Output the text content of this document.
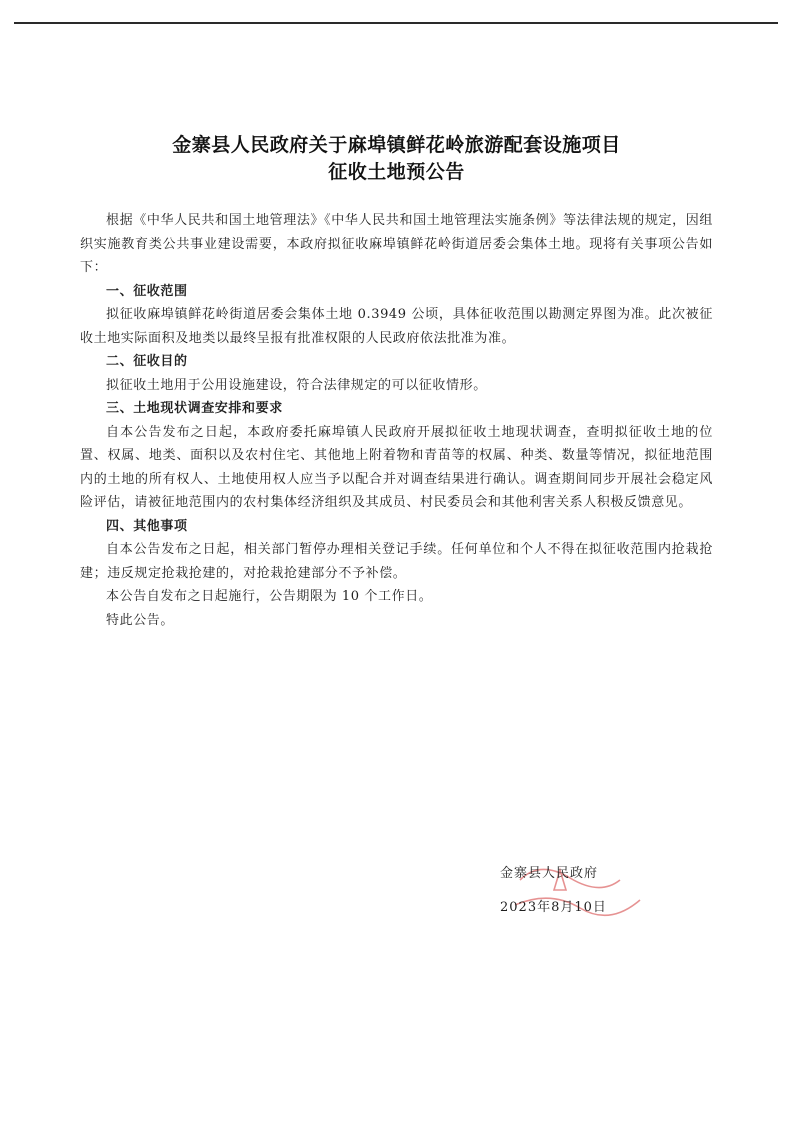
金寨县人民政府关于麻埠镇鲜花岭旅游配套设施项目
征收土地预公告

根据《中华人民共和国土地管理法》《中华人民共和国土地管理法实施条例》等法律法规的规定，因组织实施教育类公共事业建设需要，本政府拟征收麻埠镇鲜花岭街道居委会集体土地。现将有关事项公告如下：

一、征收范围

拟征收麻埠镇鲜花岭街道居委会集体土地 0.3949 公顷，具体征收范围以勘测定界图为准。此次被征收土地实际面积及地类以最终呈报有批准权限的人民政府依法批准为准。

二、征收目的

拟征收土地用于公用设施建设，符合法律规定的可以征收情形。

三、土地现状调查安排和要求

自本公告发布之日起，本政府委托麻埠镇人民政府开展拟征收土地现状调查，查明拟征收土地的位置、权属、地类、面积以及农村住宅、其他地上附着物和青苗等的权属、种类、数量等情况，拟征地范围内的土地的所有权人、土地使用权人应当予以配合并对调查结果进行确认。调查期间同步开展社会稳定风险评估，请被征地范围内的农村集体经济组织及其成员、村民委员会和其他利害关系人积极反馈意见。

四、其他事项

自本公告发布之日起，相关部门暂停办理相关登记手续。任何单位和个人不得在拟征收范围内抢栽抢建；违反规定抢栽抢建的，对抢栽抢建部分不予补偿。

本公告自发布之日起施行，公告期限为 10 个工作日。

特此公告。

金寨县人民政府
2023年8月10日
